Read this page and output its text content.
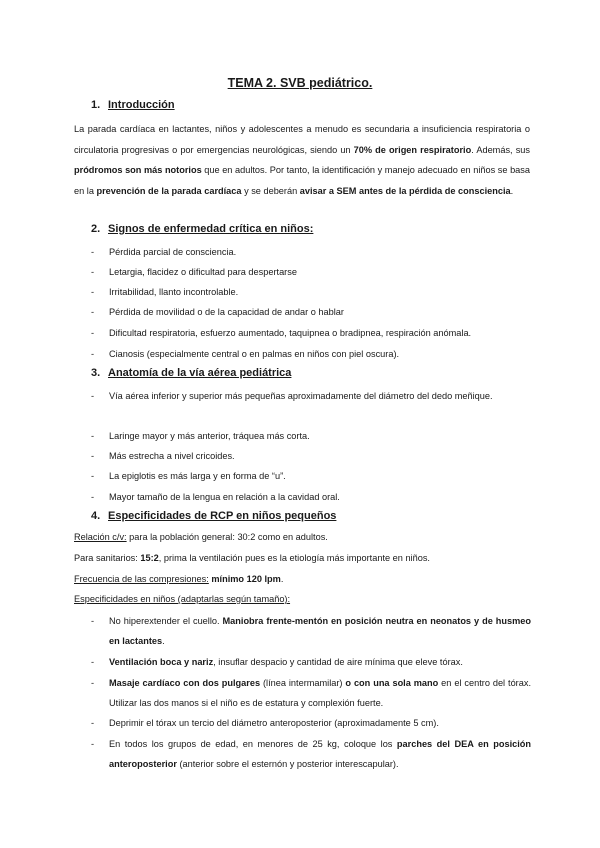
TEMA 2. SVB pediátrico.
1. Introducción
La parada cardíaca en lactantes, niños y adolescentes a menudo es secundaria a insuficiencia respiratoria o circulatoria progresivas o por emergencias neurológicas, siendo un 70% de origen respiratorio. Además, sus pródromos son más notorios que en adultos. Por tanto, la identificación y manejo adecuado en niños se basa en la prevención de la parada cardíaca y se deberán avisar a SEM antes de la pérdida de consciencia.
2. Signos de enfermedad crítica en niños:
- Pérdida parcial de consciencia.
- Letargia, flacidez o dificultad para despertarse
- Irritabilidad, llanto incontrolable.
- Pérdida de movilidad o de la capacidad de andar o hablar
- Dificultad respiratoria, esfuerzo aumentado, taquipnea o bradipnea, respiración anómala.
- Cianosis (especialmente central o en palmas en niños con piel oscura).
3. Anatomía de la vía aérea pediátrica
- Vía aérea inferior y superior más pequeñas aproximadamente del diámetro del dedo meñique.
- Laringe mayor y más anterior, tráquea más corta.
- Más estrecha a nivel cricoides.
- La epiglotis es más larga y en forma de “u”.
- Mayor tamaño de la lengua en relación a la cavidad oral.
4. Especificidades de RCP en niños pequeños
Relación c/v: para la población general: 30:2 como en adultos.
Para sanitarios: 15:2, prima la ventilación pues es la etiología más importante en niños.
Frecuencia de las compresiones: mínimo 120 lpm.
Especificidades en niños (adaptarlas según tamaño):
- No hiperextender el cuello. Maniobra frente-mentón en posición neutra en neonatos y de husmeo en lactantes.
- Ventilación boca y nariz, insuflar despacio y cantidad de aire mínima que eleve tórax.
- Masaje cardíaco con dos pulgares (línea intermamilar) o con una sola mano en el centro del tórax. Utilizar las dos manos si el niño es de estatura y complexión fuerte.
- Deprimir el tórax un tercio del diámetro anteroposterior (aproximadamente 5 cm).
- En todos los grupos de edad, en menores de 25 kg, coloque los parches del DEA en posición anteroposterior (anterior sobre el esternón y posterior interescapular).
